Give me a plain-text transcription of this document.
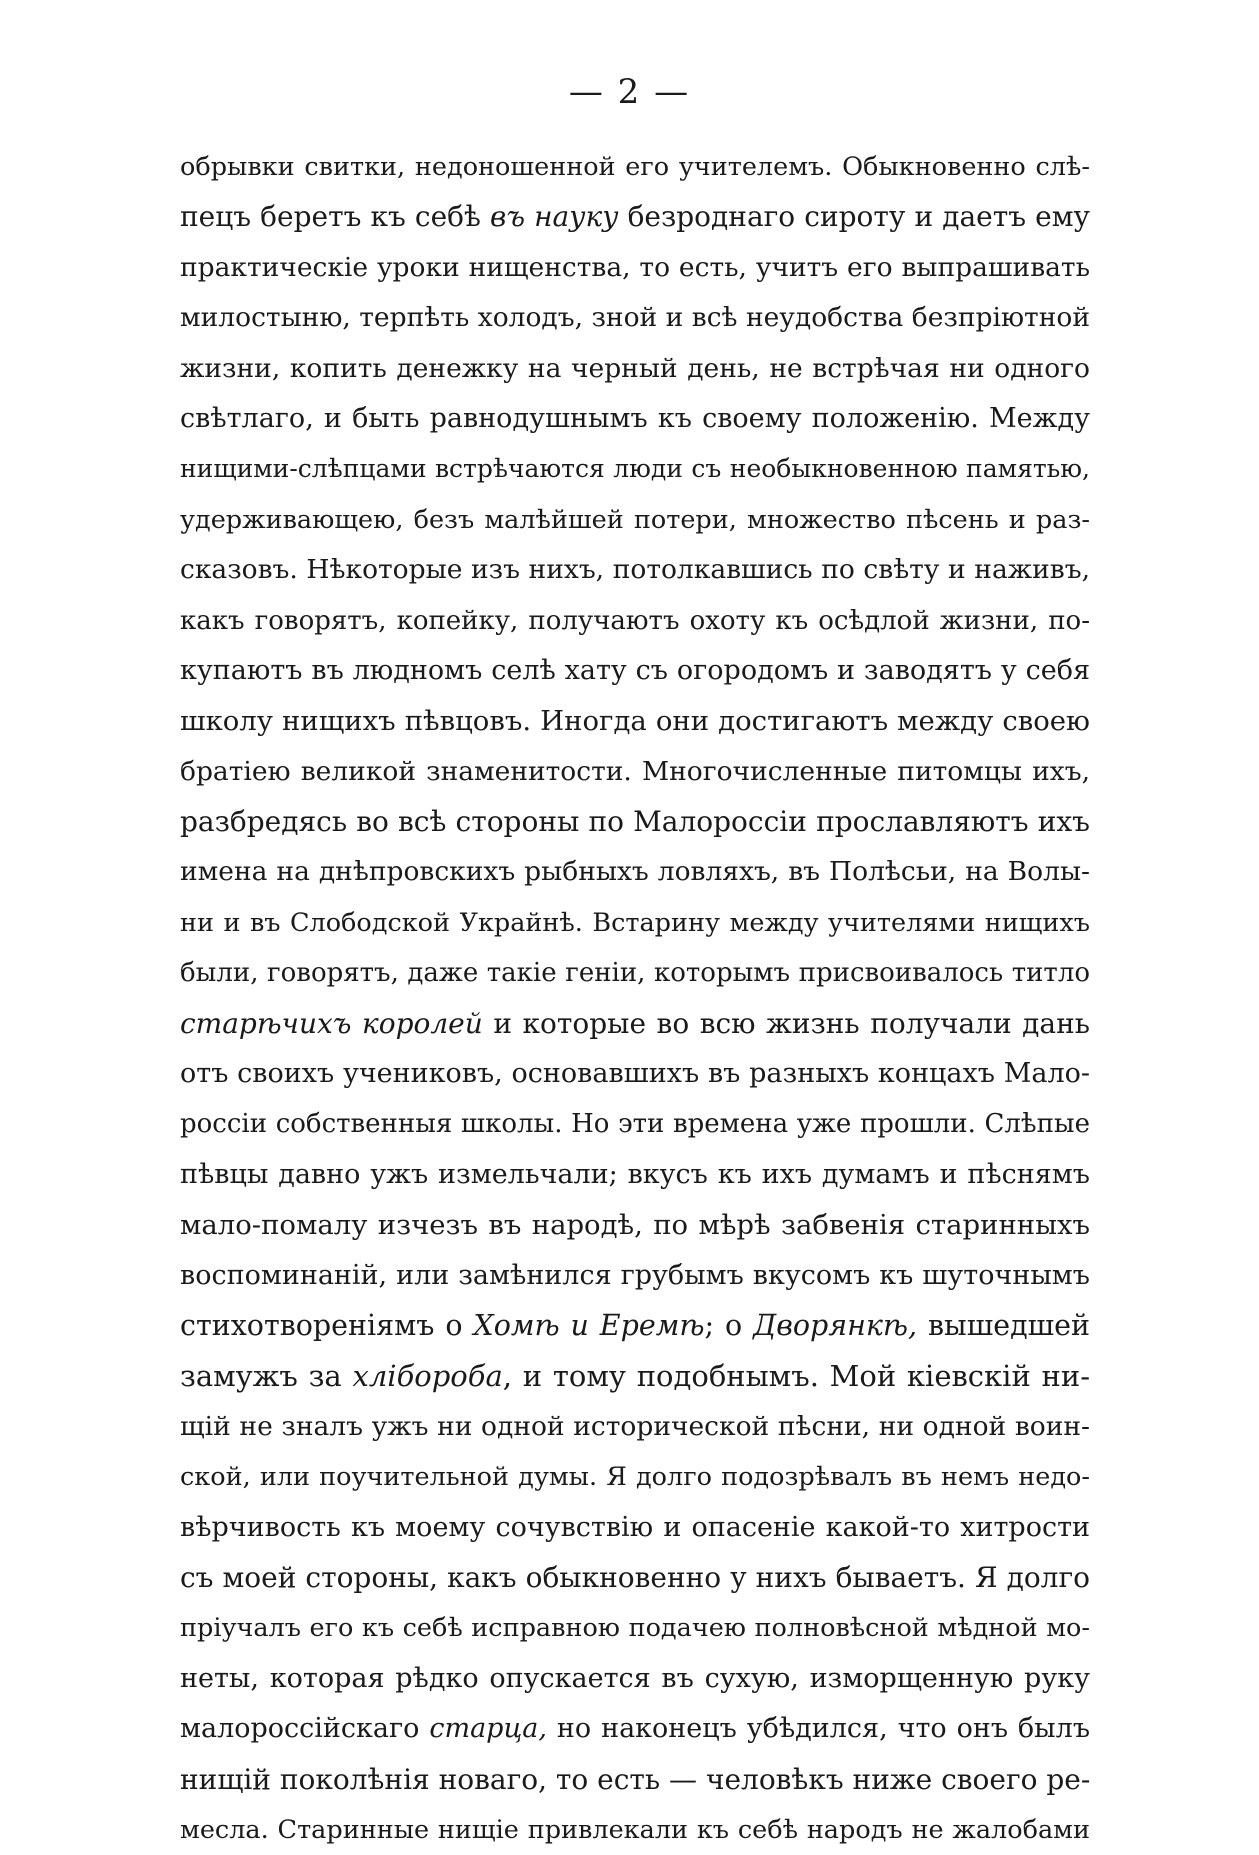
— 2 —
обрывки свитки, недоношенной его учителемъ. Обыкновенно слѣ-
пецъ беретъ къ себѣ въ науку безроднаго сироту и даетъ ему
практическіе уроки нищенства, то есть, учитъ его выпрашивать
милостыню, терпѣть холодъ, зной и всѣ неудобства безпріютной
жизни, копить денежку на черный день, не встрѣчая ни одного
свѣтлаго, и быть равнодушнымъ къ своему положенію. Между
нищими-слѣпцами встрѣчаются люди съ необыкновенною памятью,
удерживающею, безъ малѣйшей потери, множество пѣсень и раз-
сказовъ. Нѣкоторые изъ нихъ, потолкавшись по свѣту и наживъ,
какъ говорятъ, копейку, получаютъ охоту къ осѣдлой жизни, по-
купаютъ въ людномъ селѣ хату съ огородомъ и заводятъ у себя
школу нищихъ пѣвцовъ. Иногда они достигаютъ между своею
братіею великой знаменитости. Многочисленные питомцы ихъ,
разбредясь во всѣ стороны по Малороссіи прославляютъ ихъ
имена на днѣпровскихъ рыбныхъ ловляхъ, въ Полѣсьи, на Волы-
ни и въ Слободской Украйнѣ. Встарину между учителями нищихъ
были, говорятъ, даже такіе геніи, которымъ присвоивалось титло
старѣчихъ королей и которые во всю жизнь получали дань
отъ своихъ учениковъ, основавшихъ въ разныхъ концахъ Мало-
россіи собственныя школы. Но эти времена уже прошли. Слѣпые
пѣвцы давно ужъ измельчали; вкусъ къ ихъ думамъ и пѣснямъ
мало-помалу изчезъ въ народѣ, по мѣрѣ забвенія старинныхъ
воспоминаній, или замѣнился грубымъ вкусомъ къ шуточнымъ
стихотвореніямъ о Хомѣ и Еремѣ; о Дворянкѣ, вышедшей
замужъ за хлібороба, и тому подобнымъ. Мой кіевскій ни-
щій не зналъ ужъ ни одной исторической пѣсни, ни одной воин-
ской, или поучительной думы. Я долго подозрѣвалъ въ немъ недо-
вѣрчивость къ моему сочувствію и опасеніе какой-то хитрости
съ моей стороны, какъ обыкновенно у нихъ бываетъ. Я долго
пріучалъ его къ себѣ исправною подачею полновѣсной мѣдной мо-
неты, которая рѣдко опускается въ сухую, изморщенную руку
малороссійскаго старца, но наконецъ убѣдился, что онъ былъ
нищій поколѣнія новаго, то есть — человѣкъ ниже своего ре-
месла. Старинные нищіе привлекали къ себѣ народъ не жалобами
